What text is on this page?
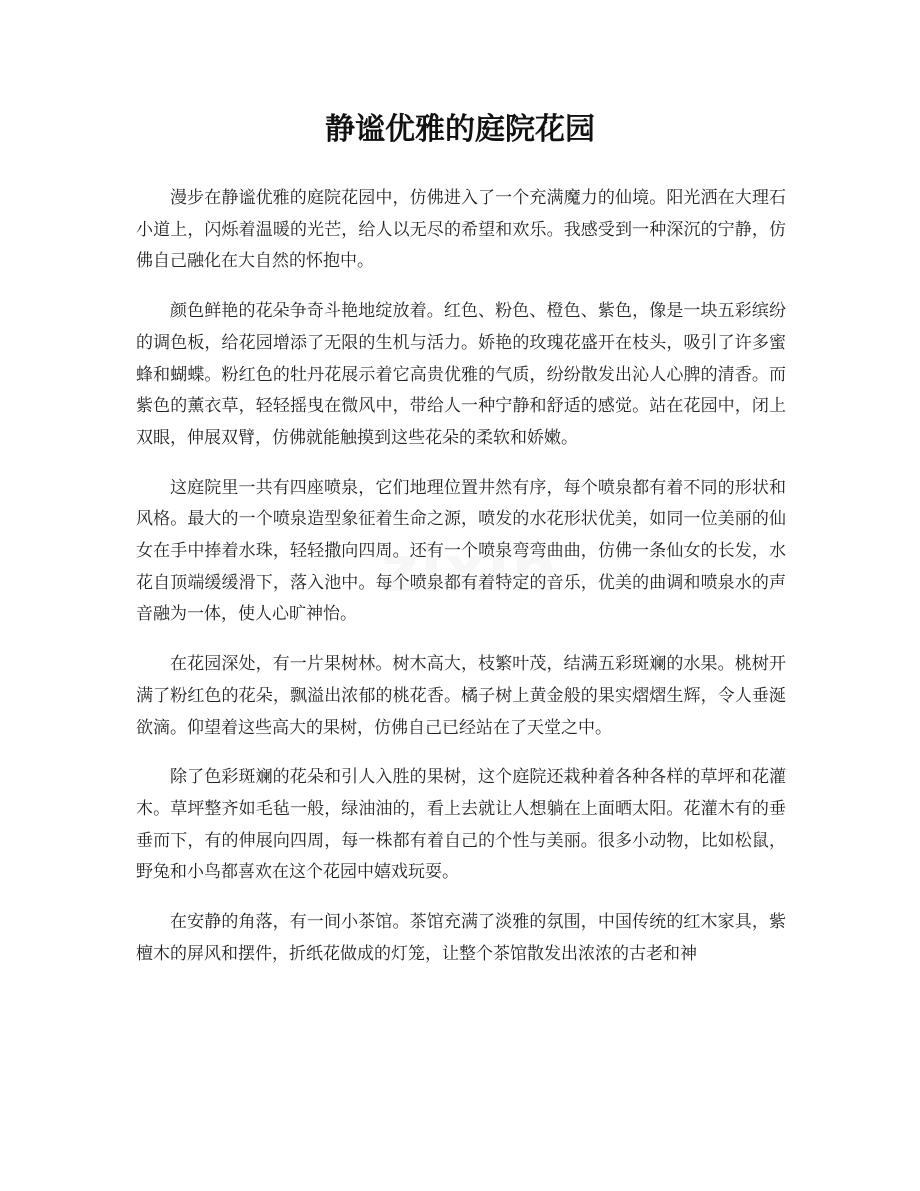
静谧优雅的庭院花园
zixin

漫步在静谧优雅的庭院花园中，仿佛进入了一个充满魔力的仙境。阳光洒在大理石小道上，闪烁着温暖的光芒，给人以无尽的希望和欢乐。我感受到一种深沉的宁静，仿佛自己融化在大自然的怀抱中。

颜色鲜艳的花朵争奇斗艳地绽放着。红色、粉色、橙色、紫色，像是一块五彩缤纷的调色板，给花园增添了无限的生机与活力。娇艳的玫瑰花盛开在枝头，吸引了许多蜜蜂和蝴蝶。粉红色的牡丹花展示着它高贵优雅的气质，纷纷散发出沁人心脾的清香。而紫色的薰衣草，轻轻摇曳在微风中，带给人一种宁静和舒适的感觉。站在花园中，闭上双眼，伸展双臂，仿佛就能触摸到这些花朵的柔软和娇嫩。

这庭院里一共有四座喷泉，它们地理位置井然有序，每个喷泉都有着不同的形状和风格。最大的一个喷泉造型象征着生命之源，喷发的水花形状优美，如同一位美丽的仙女在手中捧着水珠，轻轻撒向四周。还有一个喷泉弯弯曲曲，仿佛一条仙女的长发，水花自顶端缓缓滑下，落入池中。每个喷泉都有着特定的音乐，优美的曲调和喷泉水的声音融为一体，使人心旷神怡。

在花园深处，有一片果树林。树木高大，枝繁叶茂，结满五彩斑斓的水果。桃树开满了粉红色的花朵，飘溢出浓郁的桃花香。橘子树上黄金般的果实熠熠生辉，令人垂涎欲滴。仰望着这些高大的果树，仿佛自己已经站在了天堂之中。

除了色彩斑斓的花朵和引人入胜的果树，这个庭院还栽种着各种各样的草坪和花灌木。草坪整齐如毛毡一般，绿油油的，看上去就让人想躺在上面晒太阳。花灌木有的垂垂而下，有的伸展向四周，每一株都有着自己的个性与美丽。很多小动物，比如松鼠，野兔和小鸟都喜欢在这个花园中嬉戏玩耍。

在安静的角落，有一间小茶馆。茶馆充满了淡雅的氛围，中国传统的红木家具，紫檀木的屏风和摆件，折纸花做成的灯笼，让整个茶馆散发出浓浓的古老和神
